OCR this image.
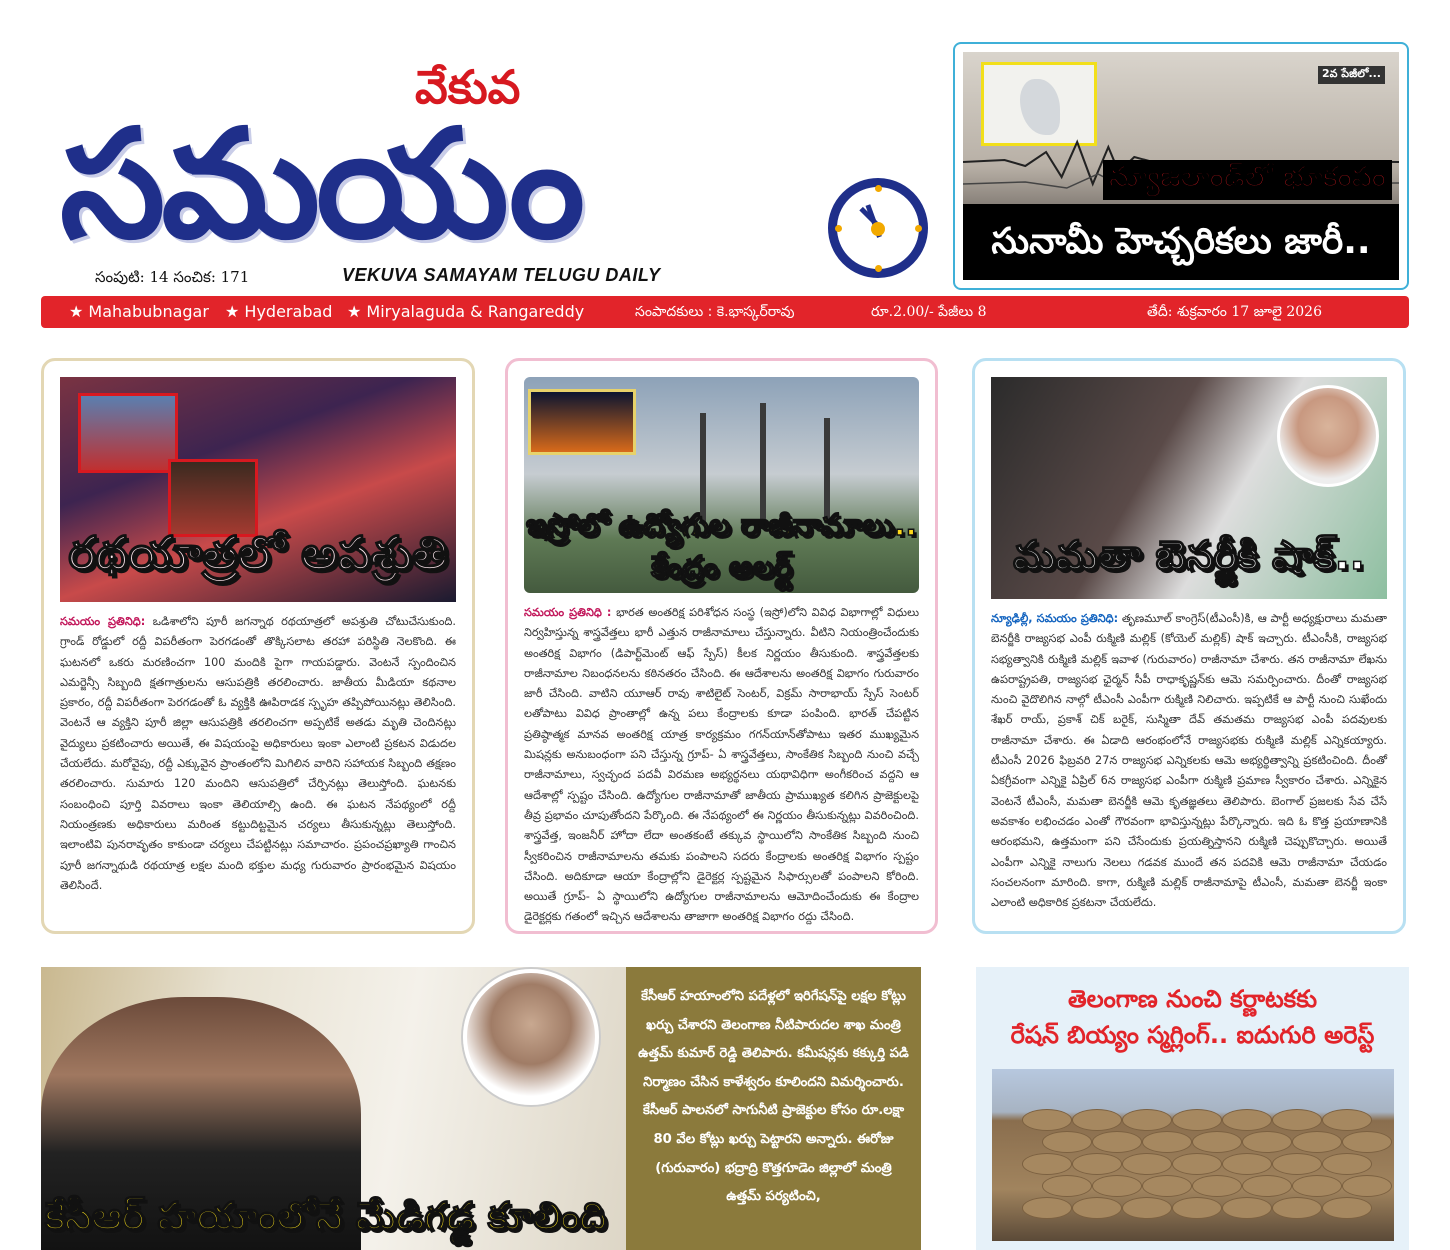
వేకువ
సమయం
సంపుటి: 14 సంచిక: 171	VEKUVA SAMAYAM TELUGU DAILY
2వ పేజీలో...
న్యూజిలాండ్‌లో భూకంపం
సునామీ హెచ్చరికలు జారీ..
★ Mahabubnagar ★ Hyderabad ★ Miryalaguda & Rangareddy	సంపాదకులు : కె.భాస్కర్‌రావు	రూ.2.00/- పేజీలు 8	తేదీ: శుక్రవారం 17 జూలై 2026
రథయాత్రలో అపశ్రుతి
సమయం ప్రతినిధి: ఒడిశాలోని పూరీ జగన్నాథ రథయాత్రలో అపశ్రుతి చోటుచేసుకుంది. గ్రాండ్ రోడ్డులో రద్దీ విపరీతంగా పెరగడంతో తొక్కిసలాట తరహా పరిస్థితి నెలకొంది. ఈ ఘటనలో ఒకరు మరణించగా 100 మందికి పైగా గాయపడ్డారు. వెంటనే స్పందించిన ఎమర్జెన్సీ సిబ్బంది క్షతగాత్రులను ఆసుపత్రికి తరలించారు. జాతీయ మీడియా కథనాల ప్రకారం, రద్దీ విపరీతంగా పెరగడంతో ఓ వ్యక్తికి ఊపిరాడక స్పృహ తప్పిపోయినట్లు తెలిసింది. వెంటనే ఆ వ్యక్తిని పూరీ జిల్లా ఆసుపత్రికి తరలించగా అప్పటికే అతడు మృతి చెందినట్లు వైద్యులు ప్రకటించారు అయితే, ఈ విషయంపై అధికారులు ఇంకా ఎలాంటి ప్రకటన విడుదల చేయలేదు. మరోవైపు, రద్దీ ఎక్కువైన ప్రాంతంలోని మిగిలిన వారిని సహాయక సిబ్బంది తక్షణం తరలించారు. సుమారు 120 మందిని ఆసుపత్రిలో చేర్పినట్లు తెలుస్తోంది. ఘటనకు సంబంధించి పూర్తి వివరాలు ఇంకా తెలియాల్సి ఉంది. ఈ ఘటన నేపథ్యంలో రద్దీ నియంత్రణకు అధికారులు మరింత కట్టుదిట్టమైన చర్యలు తీసుకున్నట్లు తెలుస్తోంది. ఇలాంటివి పునరావృతం కాకుండా చర్యలు చేపట్టినట్లు సమాచారం. ప్రపంచప్రఖ్యాతి గాంచిన పూరీ జగన్నాథుడి రథయాత్ర లక్షల మంది భక్తుల మధ్య గురువారం ప్రారంభమైన విషయం తెలిసిందే.
ఇస్రోలో ఉద్యోగుల రాజీనామాలు..
కేంద్రం అలర్ట్
సమయం ప్రతినిధి : భారత అంతరిక్ష పరిశోధన సంస్థ (ఇస్రో)లోని వివిధ విభాగాల్లో విధులు నిర్వహిస్తున్న శాస్త్రవేత్తలు భారీ ఎత్తున రాజీనామాలు చేస్తున్నారు. వీటిని నియంత్రించేందుకు అంతరిక్ష విభాగం (డిపార్ట్‌మెంట్ ఆఫ్ స్పేస్) కీలక నిర్ణయం తీసుకుంది. శాస్త్రవేత్తలకు రాజీనామాల నిబంధనలను కఠినతరం చేసింది. ఈ ఆదేశాలను అంతరిక్ష విభాగం గురువారం జారీ చేసింది. వాటిని యూఆర్ రావు శాటిలైట్ సెంటర్, విక్రమ్ సారాభాయ్ స్పేస్ సెంటర్ లతోపాటు వివిధ ప్రాంతాల్లో ఉన్న పలు కేంద్రాలకు కూడా పంపింది. భారత్ చేపట్టిన ప్రతిష్ఠాత్మక మానవ అంతరిక్ష యాత్ర కార్యక్రమం గగన్‌యాన్‌తోపాటు ఇతర ముఖ్యమైన మిషన్లకు అనుబంధంగా పని చేస్తున్న గ్రూప్- ఏ శాస్త్రవేత్తలు, సాంకేతిక సిబ్బంది నుంచి వచ్చే రాజీనామాలు, స్వచ్ఛంద పదవీ విరమణ అభ్యర్థనలు యథావిధిగా అంగీకరించ వద్దని ఆ ఆదేశాల్లో స్పష్టం చేసింది. ఉద్యోగుల రాజీనామాతో జాతీయ ప్రాముఖ్యత కలిగిన ప్రాజెక్టులపై తీవ్ర ప్రభావం చూపుతోందని పేర్కొంది. ఈ నేపథ్యంలో ఈ నిర్ణయం తీసుకున్నట్లు వివరించింది. శాస్త్రవేత్త, ఇంజనీర్ హోదా లేదా అంతకంటే తక్కువ స్థాయిలోని సాంకేతిక సిబ్బంది నుంచి స్వీకరించిన రాజీనామాలను తమకు పంపాలని సదరు కేంద్రాలకు అంతరిక్ష విభాగం స్పష్టం చేసింది. అదికూడా ఆయా కేంద్రాల్లోని డైరెక్టర్ల స్పష్టమైన సిఫార్సులతో పంపాలని కోరింది. అయితే గ్రూప్- ఏ స్థాయిలోని ఉద్యోగుల రాజీనామాలను ఆమోదించేందుకు ఈ కేంద్రాల డైరెక్టర్లకు గతంలో ఇచ్చిన ఆదేశాలను తాజాగా అంతరిక్ష విభాగం రద్దు చేసింది.
మమతా బెనర్జీకి షాక్..
న్యూఢిల్లీ, సమయం ప్రతినిధి: తృణమూల్ కాంగ్రెస్(టీఎంసీ)కి, ఆ పార్టీ అధ్యక్షురాలు మమతా బెనర్జీకి రాజ్యసభ ఎంపీ రుక్మిణి మల్లిక్ (కోయెల్ మల్లిక్) షాక్ ఇచ్చారు. టీఎంసీకి, రాజ్యసభ సభ్యత్వానికి రుక్మిణి మల్లిక్ ఇవాళ (గురువారం) రాజీనామా చేశారు. తన రాజీనామా లేఖను ఉపరాష్ట్రపతి, రాజ్యసభ ఛైర్మన్ సీపీ రాధాకృష్ణన్‌కు ఆమె సమర్పించారు. దీంతో రాజ్యసభ నుంచి వైదొలిగిన నాల్గో టీఎంసీ ఎంపీగా రుక్మిణి నిలిచారు. ఇప్పటికే ఆ పార్టీ నుంచి సుఖేందు శేఖర్ రాయ్, ప్రకాశ్ చిక్ బరైక్, సుస్మితా దేవ్ తమతమ రాజ్యసభ ఎంపీ పదవులకు రాజీనామా చేశారు. ఈ ఏడాది ఆరంభంలోనే రాజ్యసభకు రుక్మిణి మల్లిక్ ఎన్నికయ్యారు. టీఎంసీ 2026 ఫిబ్రవరి 27న రాజ్యసభ ఎన్నికలకు ఆమె అభ్యర్థిత్వాన్ని ప్రకటించింది. దీంతో ఏకగ్రీవంగా ఎన్నికై ఏప్రిల్ 6న రాజ్యసభ ఎంపీగా రుక్మిణి ప్రమాణ స్వీకారం చేశారు. ఎన్నికైన వెంటనే టీఎంసీ, మమతా బెనర్జీకి ఆమె కృతజ్ఞతలు తెలిపారు. బెంగాల్ ప్రజలకు సేవ చేసే అవకాశం లభించడం ఎంతో గౌరవంగా భావిస్తున్నట్లు పేర్కొన్నారు. ఇది ఓ కొత్త ప్రయాణానికి ఆరంభమని, ఉత్తమంగా పని చేసేందుకు ప్రయత్నిస్తానని రుక్మిణి చెప్పుకొచ్చారు. అయితే ఎంపీగా ఎన్నికై నాలుగు నెలలు గడవక ముందే తన పదవికి ఆమె రాజీనామా చేయడం సంచలనంగా మారింది. కాగా, రుక్మిణి మల్లిక్ రాజీనామాపై టీఎంసీ, మమతా బెనర్జీ ఇంకా ఎలాంటి అధికారిక ప్రకటనా చేయలేదు.
కేసీఆర్ హయాంలోనే మేడిగడ్డ కూలింది
కేసీఆర్ హయాంలోని పదేళ్లలో ఇరిగేషన్‌పై లక్షల కోట్లు ఖర్చు చేశారని తెలంగాణ నీటిపారుదల శాఖ మంత్రి ఉత్తమ్ కుమార్ రెడ్డి తెలిపారు. కమీషన్లకు కక్కుర్తి పడి నిర్మాణం చేసిన కాళేశ్వరం కూలిందని విమర్శించారు. కేసీఆర్ పాలనలో సాగునీటి ప్రాజెక్టుల కోసం రూ.లక్షా 80 వేల కోట్లు ఖర్చు పెట్టారని అన్నారు. ఈరోజు (గురువారం) భద్రాద్రి కొత్తగూడెం జిల్లాలో మంత్రి ఉత్తమ్ పర్యటించి,
తెలంగాణ నుంచి కర్ణాటకకు
రేషన్ బియ్యం స్మగ్లింగ్.. ఐదుగురి అరెస్ట్
